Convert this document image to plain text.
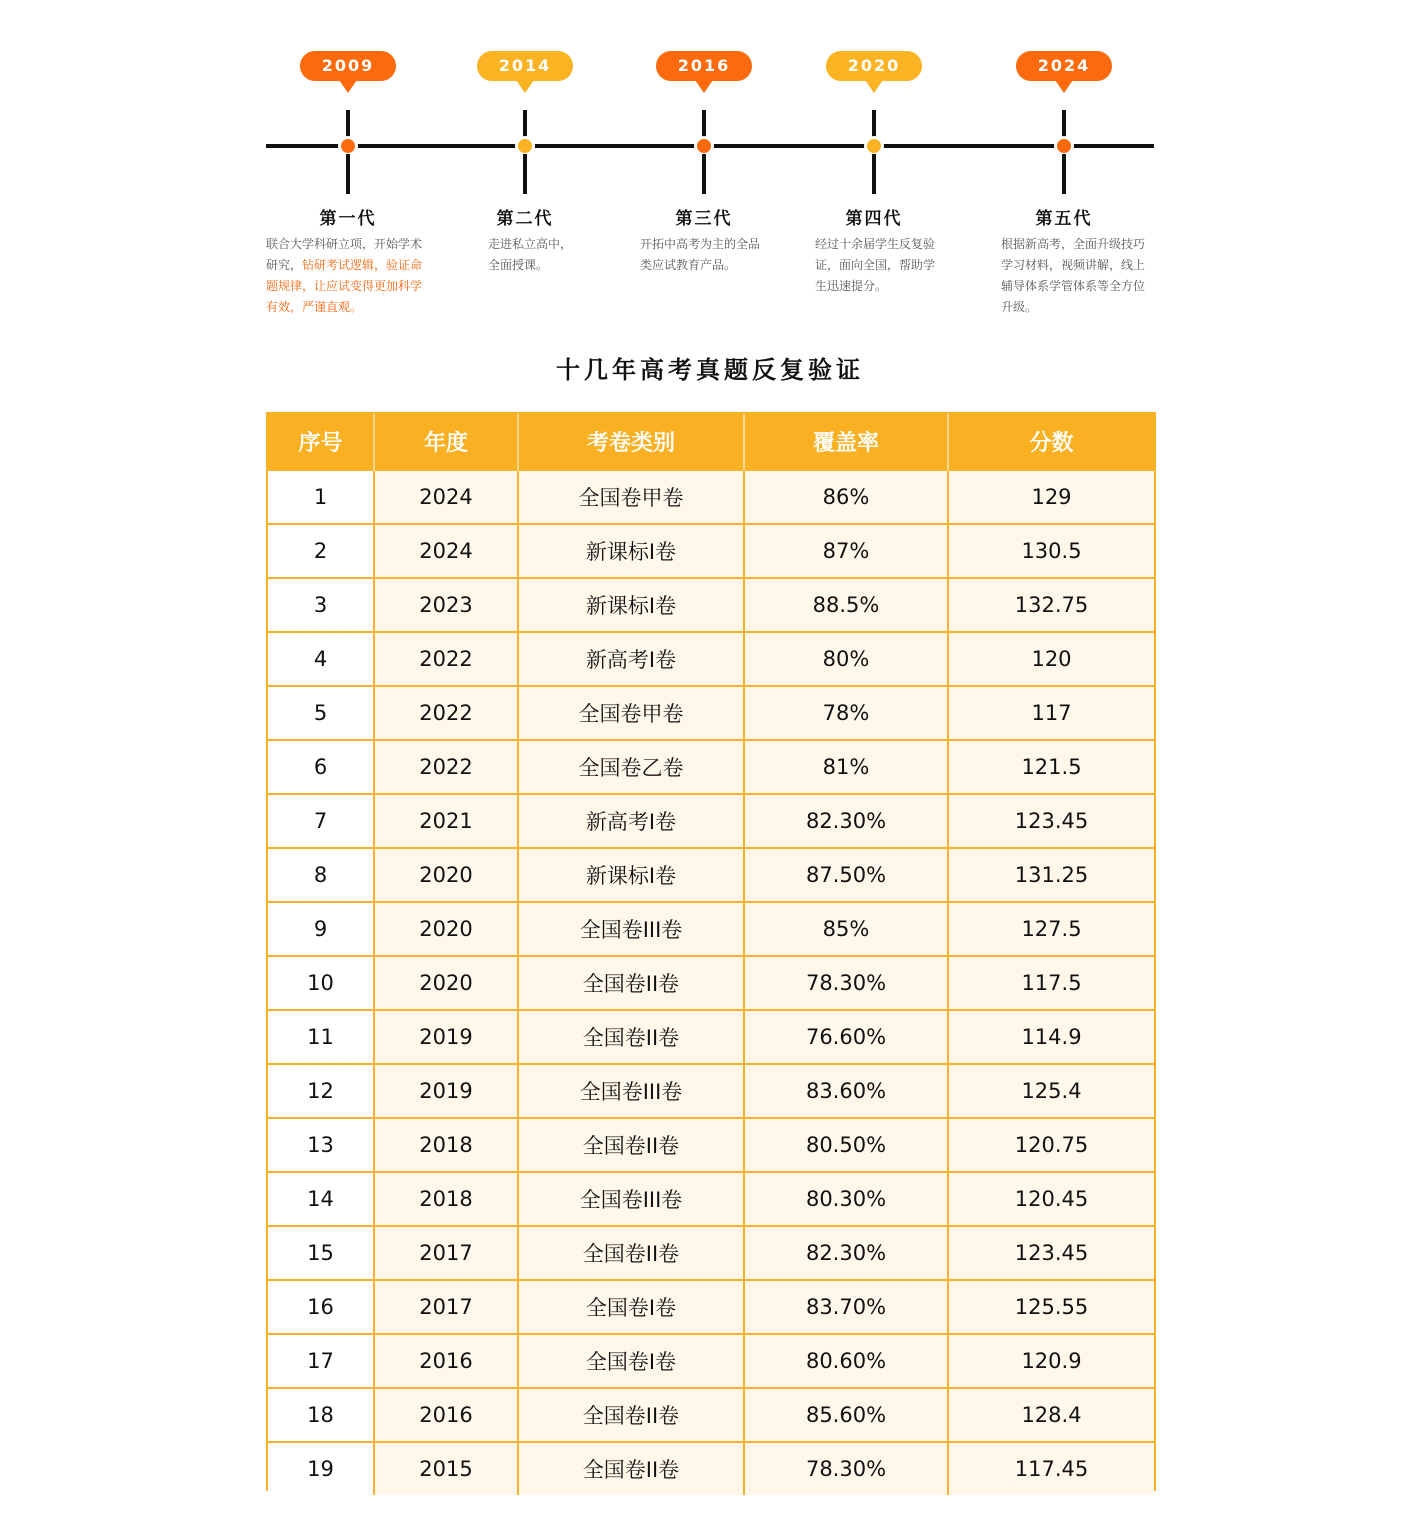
2009
第一代
联合大学科研立项，开始学术研究，钻研考试逻辑，验证命题规律，让应试变得更加科学有效，严谨直观。
2014
第二代
走进私立高中，全面授课。
2016
第三代
开拓中高考为主的全品类应试教育产品。
2020
第四代
经过十余届学生反复验证，面向全国，帮助学生迅速提分。
2024
第五代
根据新高考，全面升级技巧学习材料，视频讲解，线上辅导体系学管体系等全方位升级。
十几年高考真题反复验证
序号	年度	考卷类别	覆盖率	分数
1	2024	全国卷甲卷	86%	129
2	2024	新课标I卷	87%	130.5
3	2023	新课标I卷	88.5%	132.75
4	2022	新高考I卷	80%	120
5	2022	全国卷甲卷	78%	117
6	2022	全国卷乙卷	81%	121.5
7	2021	新高考I卷	82.30%	123.45
8	2020	新课标I卷	87.50%	131.25
9	2020	全国卷III卷	85%	127.5
10	2020	全国卷II卷	78.30%	117.5
11	2019	全国卷II卷	76.60%	114.9
12	2019	全国卷III卷	83.60%	125.4
13	2018	全国卷II卷	80.50%	120.75
14	2018	全国卷III卷	80.30%	120.45
15	2017	全国卷II卷	82.30%	123.45
16	2017	全国卷I卷	83.70%	125.55
17	2016	全国卷I卷	80.60%	120.9
18	2016	全国卷II卷	85.60%	128.4
19	2015	全国卷II卷	78.30%	117.45
